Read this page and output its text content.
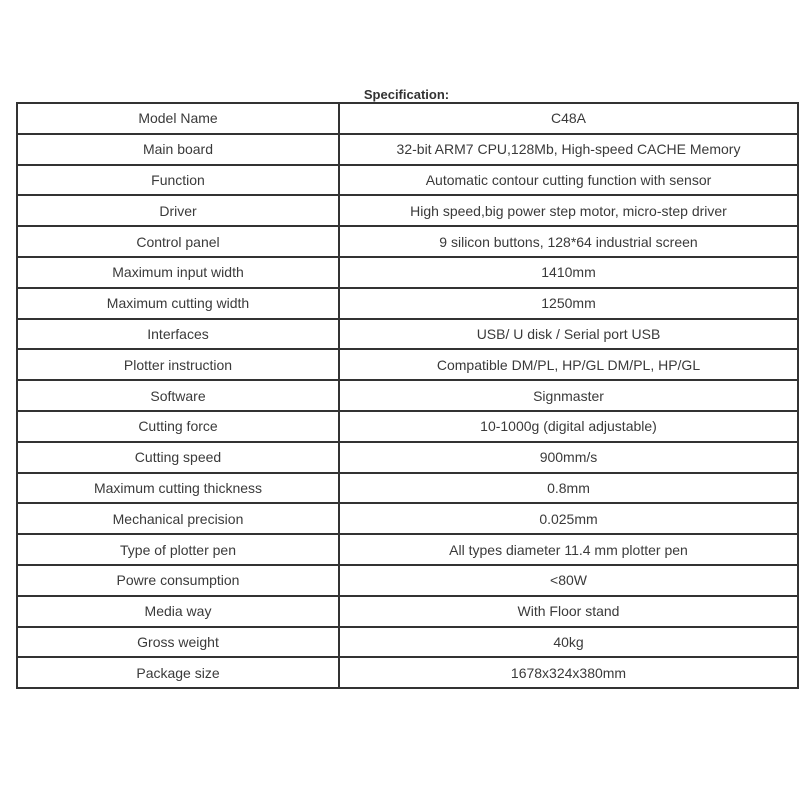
Specification:
Model Name	C48A
Main board	32-bit ARM7 CPU,128Mb, High-speed CACHE Memory
Function	Automatic contour cutting function with sensor
Driver	High speed,big power step motor, micro-step driver
Control panel	9 silicon buttons, 128*64 industrial screen
Maximum input width	1410mm
Maximum cutting width	1250mm
Interfaces	USB/ U disk / Serial port USB
Plotter instruction	Compatible DM/PL, HP/GL DM/PL, HP/GL
Software	Signmaster
Cutting force	10-1000g (digital adjustable)
Cutting speed	900mm/s
Maximum cutting thickness	0.8mm
Mechanical precision	0.025mm
Type of plotter pen	All types diameter 11.4 mm plotter pen
Powre consumption	<80W
Media way	With Floor stand
Gross weight	40kg
Package size	1678x324x380mm
